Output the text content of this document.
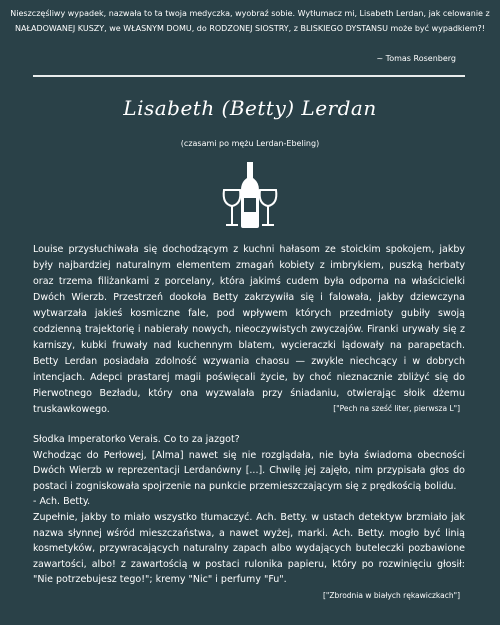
Nieszczęśliwy wypadek, nazwała to ta twoja medyczka, wyobraź sobie. Wytłumacz mi, Lisabeth Lerdan, jak celowanie z NAŁADOWANEJ KUSZY, we WŁASNYM DOMU, do RODZONEJ SIOSTRY, z BLISKIEGO DYSTANSU może być wypadkiem?!
~ Tomas Rosenberg
Lisabeth (Betty) Lerdan
(czasami po mężu Lerdan-Ebeling)
Louise przysłuchiwała się dochodzącym z kuchni hałasom ze stoickim spokojem, jakby były najbardziej naturalnym elementem zmagań kobiety z imbrykiem, puszką herbaty oraz trzema filiżankami z porcelany, która jakimś cudem była odporna na właścicielki Dwóch Wierzb. Przestrzeń dookoła Betty zakrzywiła się i falowała, jakby dziewczyna wytwarzała jakieś kosmiczne fale, pod wpływem których przedmioty gubiły swoją codzienną trajektorię i nabierały nowych, nieoczywistych zwyczajów. Firanki urywały się z karniszy, kubki fruwały nad kuchennym blatem, wycieraczki lądowały na parapetach. Betty Lerdan posiadała zdolność wzywania chaosu — zwykle niechcący i w dobrych intencjach. Adepci prastarej magii poświęcali życie, by choć nieznacznie zbliżyć się do Pierwotnego Bezładu, który ona wyzwalała przy śniadaniu, otwierając słoik dżemu truskawkowego.	["Pech na sześć liter, pierwsza L"]
Słodka Imperatorko Verais. Co to za jazgot?
Wchodząc do Perłowej, [Alma] nawet się nie rozglądała, nie była świadoma obecności Dwóch Wierzb w reprezentacji Lerdanówny [...]. Chwilę jej zajęło, nim przypisała głos do postaci i zogniskowała spojrzenie na punkcie przemieszczającym się z prędkością bolidu.
- Ach. Betty.
Zupełnie, jakby to miało wszystko tłumaczyć. Ach. Betty. w ustach detektyw brzmiało jak nazwa słynnej wśród mieszczaństwa, a nawet wyżej, marki. Ach. Betty. mogło być linią kosmetyków, przywracających naturalny zapach albo wydających buteleczki pozbawione zawartości, albo! z zawartością w postaci rulonika papieru, który po rozwinięciu głosił: "Nie potrzebujesz tego!"; kremy "Nic" i perfumy "Fu".
["Zbrodnia w białych rękawiczkach"]
